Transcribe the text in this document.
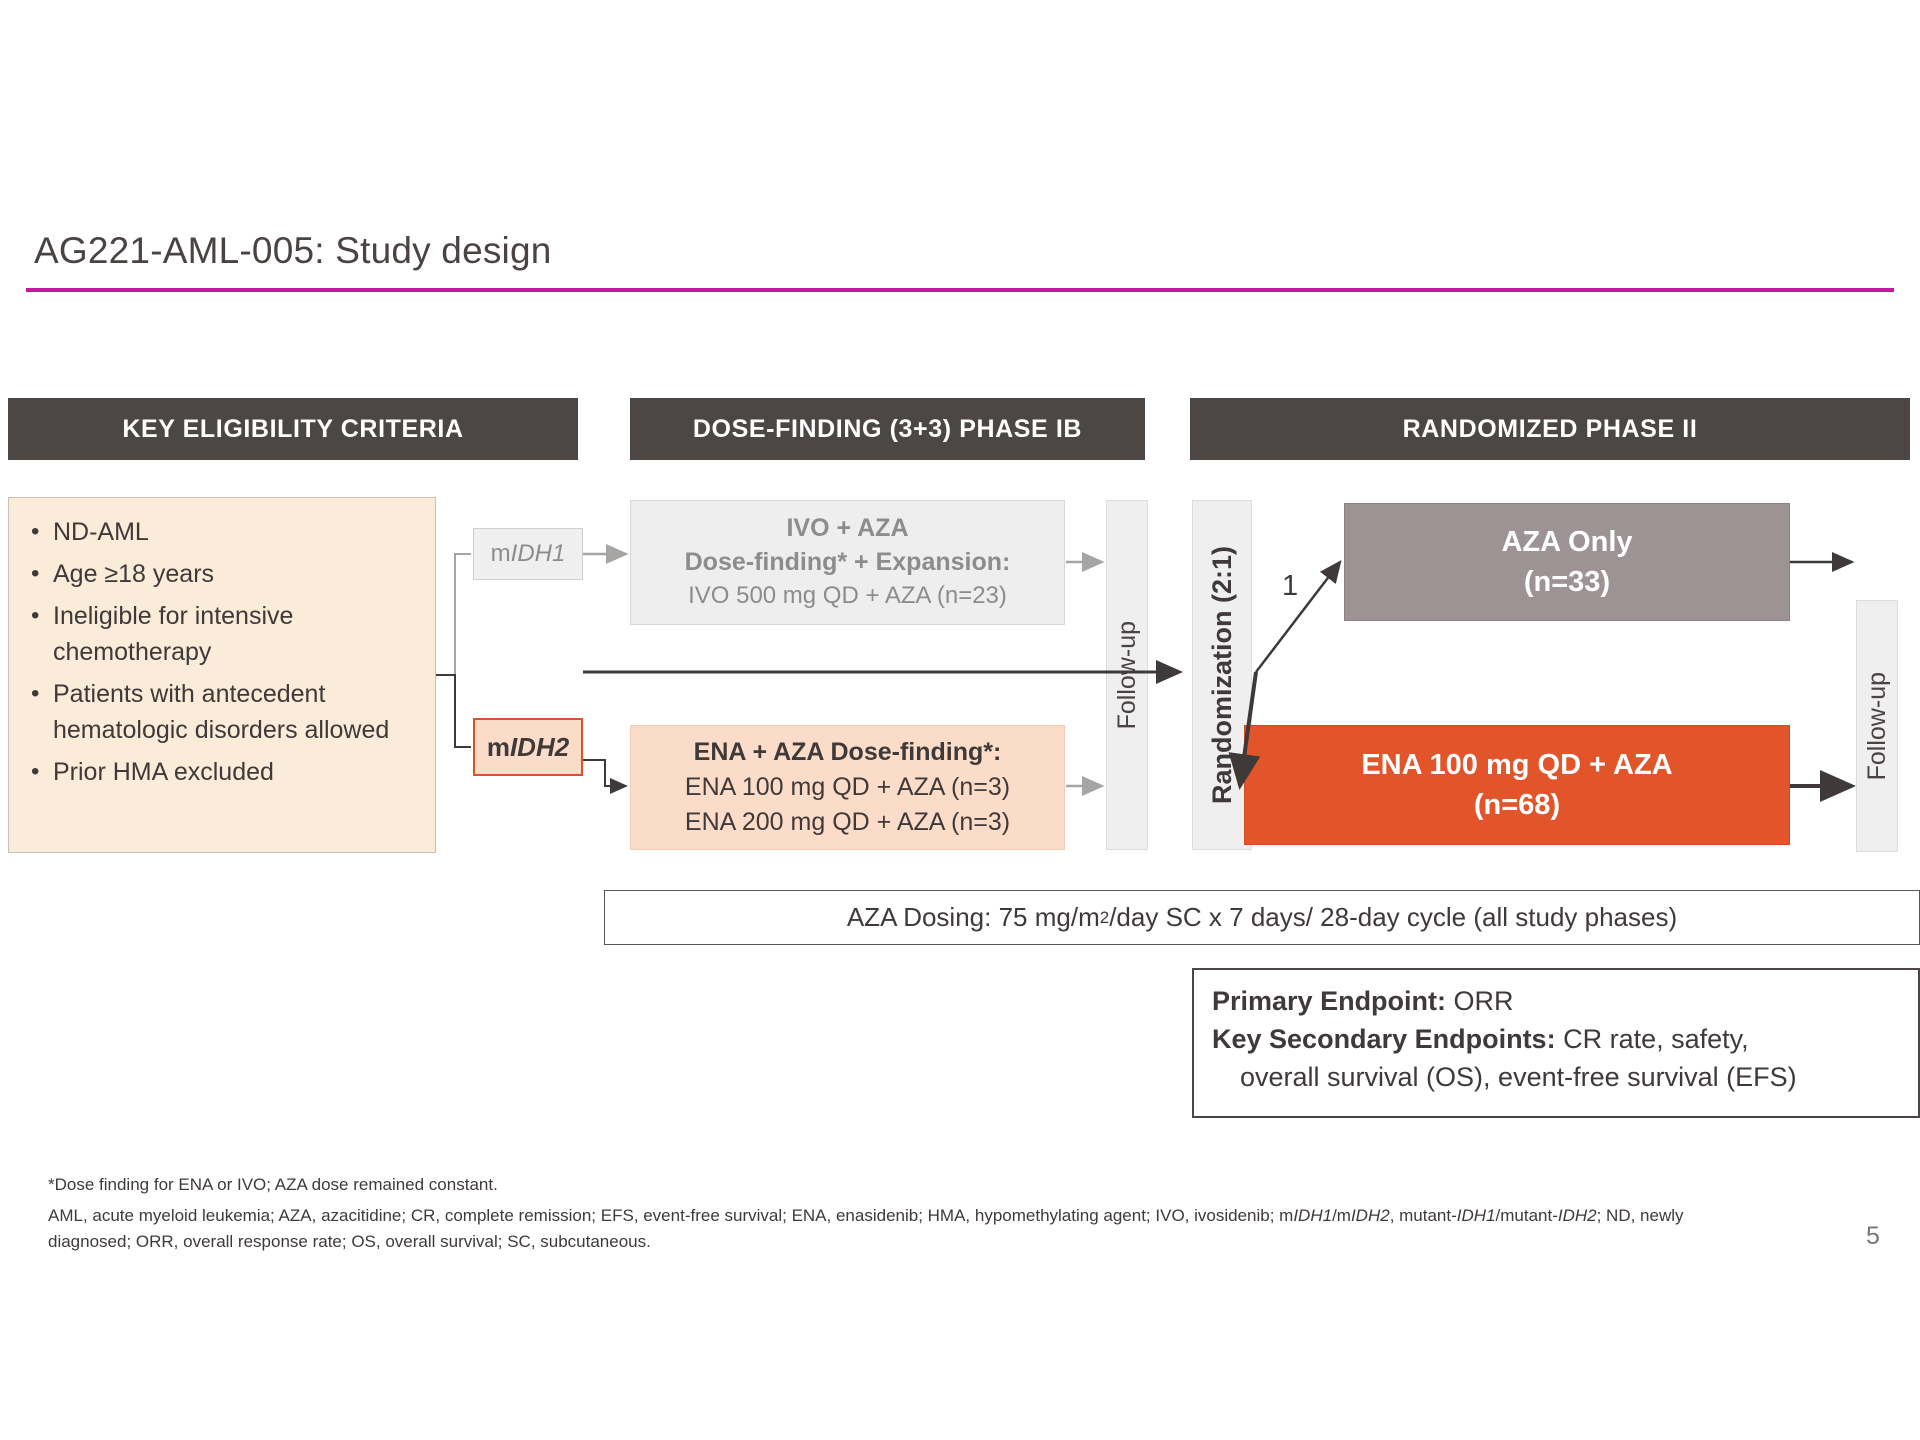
AG221-AML-005: Study design
KEY ELIGIBILITY CRITERIA	DOSE-FINDING (3+3) PHASE IB	RANDOMIZED PHASE II
• ND-AML
• Age ≥18 years
• Ineligible for intensive chemotherapy
• Patients with antecedent hematologic disorders allowed
• Prior HMA excluded
m IDH1
m IDH2
IVO + AZA
Dose-finding* + Expansion:
IVO 500 mg QD + AZA (n=23)
ENA + AZA Dose-finding*:
ENA 100 mg QD + AZA (n=3)
ENA 200 mg QD + AZA (n=3)
Follow-up Randomization (2:1)	Follow-up
1
AZA Only
(n=33)
ENA 100 mg QD + AZA
(n=68)
AZA Dosing: 75 mg/m 2 /day SC x 7 days/ 28-day cycle (all study phases)
Primary Endpoint: ORR
Key Secondary Endpoints: CR rate, safety,
overall survival (OS), event-free survival (EFS)
*Dose finding for ENA or IVO; AZA dose remained constant.
AML, acute myeloid leukemia; AZA, azacitidine; CR, complete remission; EFS, event-free survival; ENA, enasidenib; HMA, hypomethylating agent; IVO, ivosidenib; mIDH1/mIDH2, mutant-IDH1/mutant-IDH2; ND, newly diagnosed; ORR, overall response rate; OS, overall survival; SC, subcutaneous.	5
